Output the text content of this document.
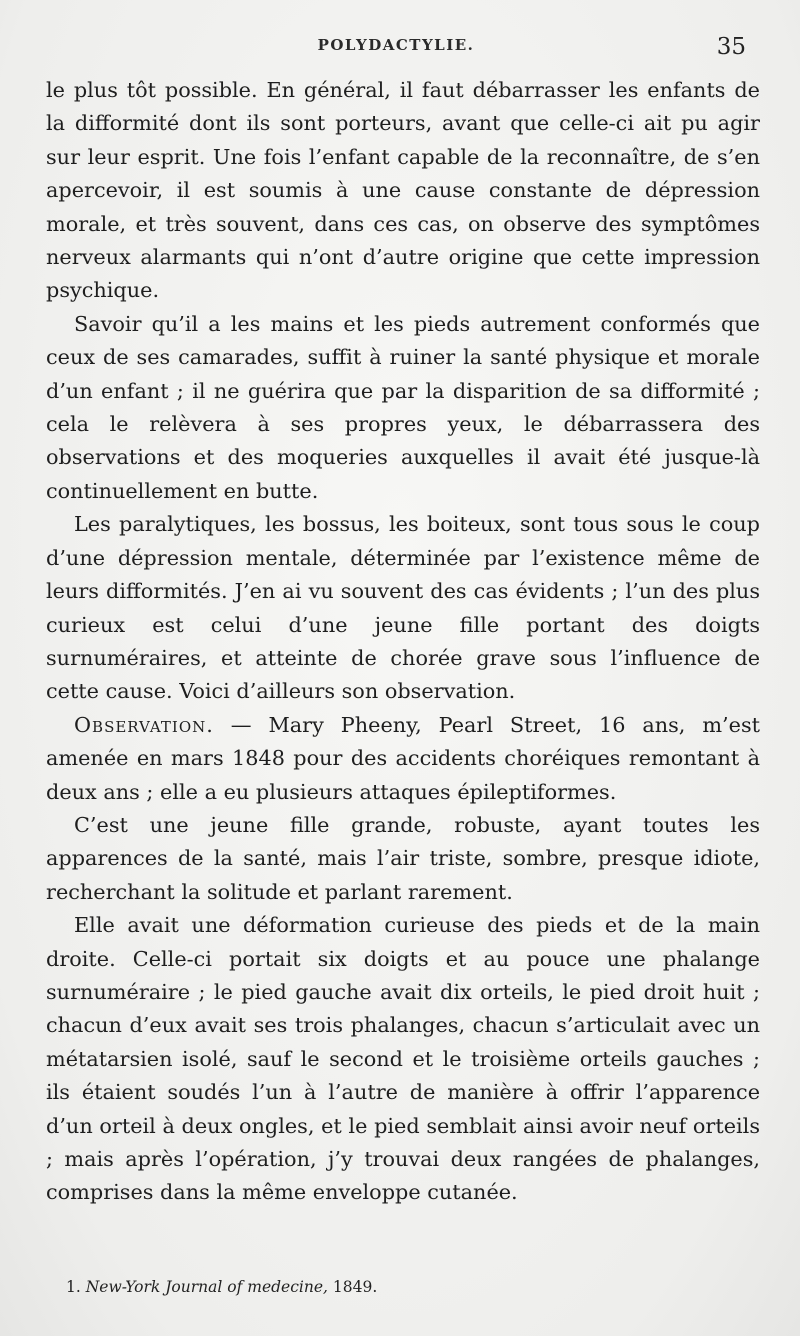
POLYDACTYLIE.	35

le plus tôt possible. En général, il faut débarrasser les enfants de la difformité dont ils sont porteurs, avant que celle-ci ait pu agir sur leur esprit. Une fois l’enfant capable de la reconnaître, de s’en apercevoir, il est soumis à une cause constante de dépression morale, et très souvent, dans ces cas, on observe des symptômes nerveux alarmants qui n’ont d’autre origine que cette impression psychique.

Savoir qu’il a les mains et les pieds autrement conformés que ceux de ses camarades, suffit à ruiner la santé physique et morale d’un enfant ; il ne guérira que par la disparition de sa difformité ; cela le relèvera à ses propres yeux, le débarrassera des observations et des moqueries auxquelles il avait été jusque-là continuellement en butte.

Les paralytiques, les bossus, les boiteux, sont tous sous le coup d’une dépression mentale, déterminée par l’existence même de leurs difformités. J’en ai vu souvent des cas évidents ; l’un des plus curieux est celui d’une jeune fille portant des doigts surnuméraires, et atteinte de chorée grave sous l’influence de cette cause. Voici d’ailleurs son observation.

Observation. — Mary Pheeny, Pearl Street, 16 ans, m’est amenée en mars 1848 pour des accidents choréiques remontant à deux ans ; elle a eu plusieurs attaques épileptiformes.

C’est une jeune fille grande, robuste, ayant toutes les apparences de la santé, mais l’air triste, sombre, presque idiote, recherchant la solitude et parlant rarement.

Elle avait une déformation curieuse des pieds et de la main droite. Celle-ci portait six doigts et au pouce une phalange surnuméraire ; le pied gauche avait dix orteils, le pied droit huit ; chacun d’eux avait ses trois phalanges, chacun s’articulait avec un métatarsien isolé, sauf le second et le troisième orteils gauches ; ils étaient soudés l’un à l’autre de manière à offrir l’apparence d’un orteil à deux ongles, et le pied semblait ainsi avoir neuf orteils ; mais après l’opération, j’y trouvai deux rangées de phalanges, comprises dans la même enveloppe cutanée.

1. New-York Journal of medecine, 1849.
